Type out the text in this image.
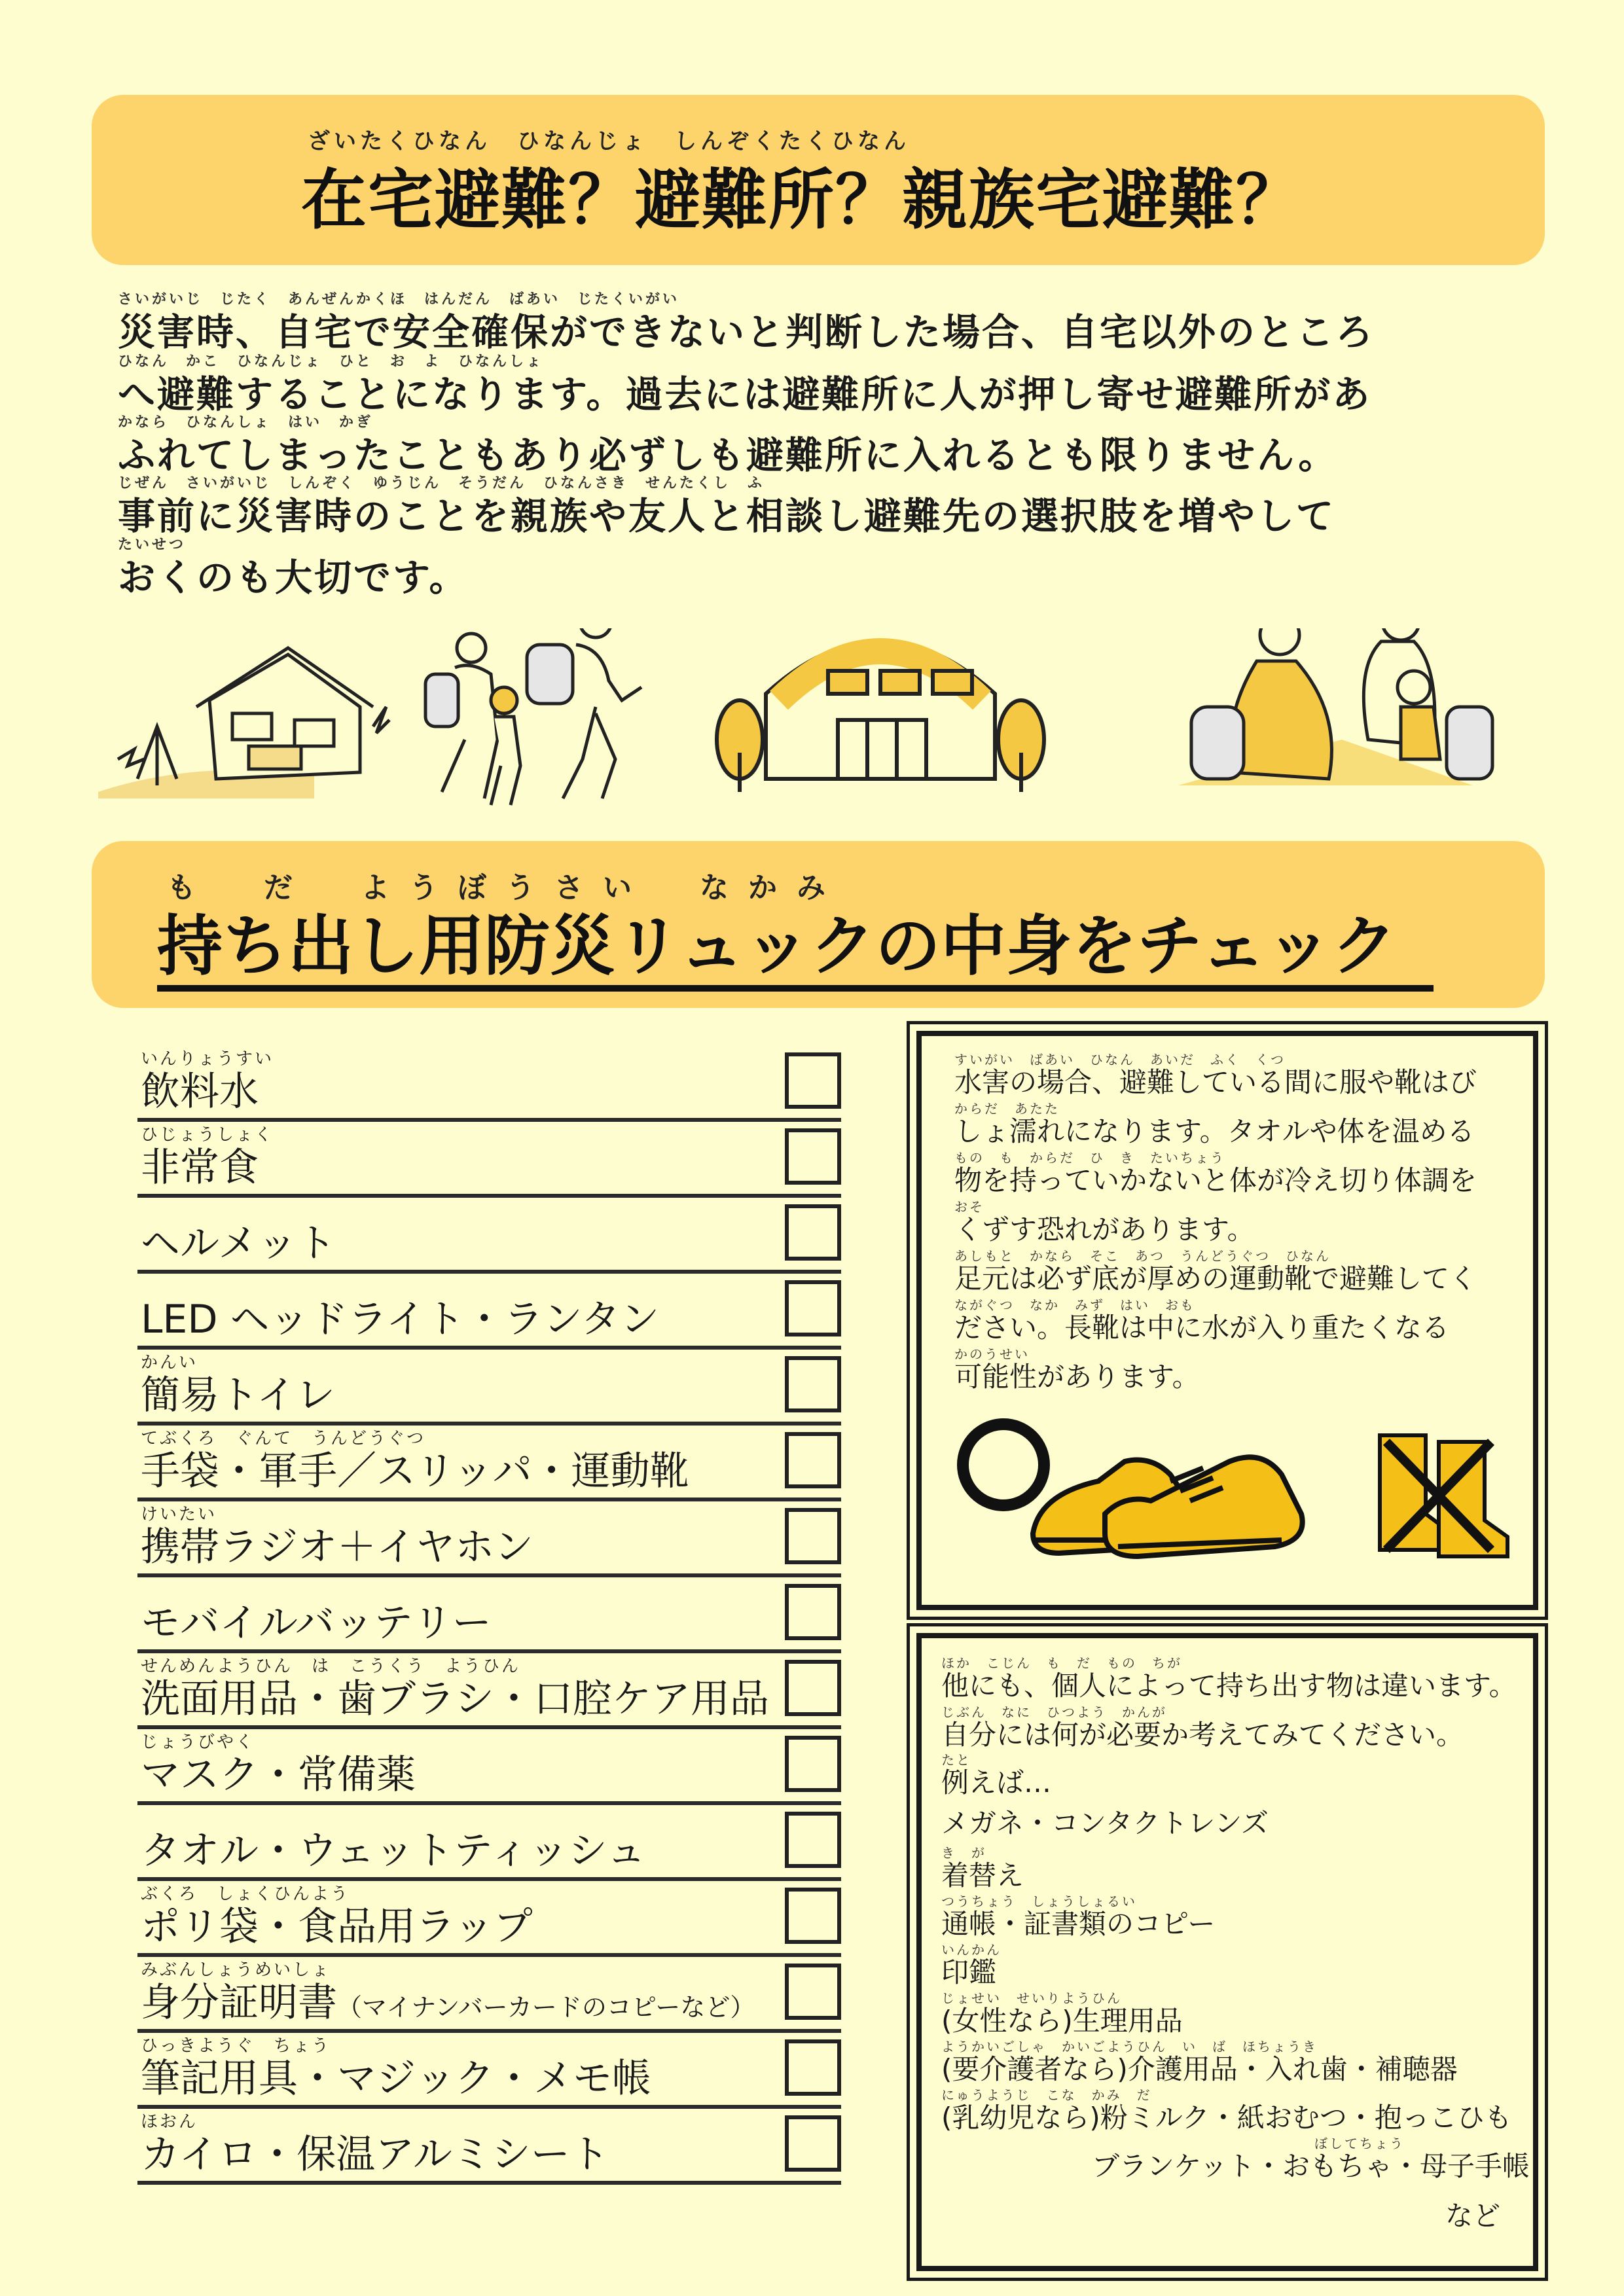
ざいたくひなん　ひなんじょ　しんぞくたくひなん
在宅避難？避難所？親族宅避難？
さいがいじ　じたく　あんぜんかくほ　はんだん　ばあい　じたくいがい
災害時、自宅で安全確保ができないと判断した場合、自宅以外のところ
ひなん　かこ　ひなんじょ　ひと　お　よ　ひなんしょ
へ避難することになります。過去には避難所に人が押し寄せ避難所があ
かなら　ひなんしょ　はい　かぎ
ふれてしまったこともあり必ずしも避難所に入れるとも限りません。
じぜん　さいがいじ　しんぞく　ゆうじん　そうだん　ひなんさき　せんたくし　ふ
事前に災害時のことを親族や友人と相談し避難先の選択肢を増やして
たいせつ
おくのも大切です。
も　だ　ようぼうさい　なかみ
持ち出し用防災リュックの中身をチェック
いんりょうすい
飲料水
ひじょうしょく
非常食
ヘルメット
LED ヘッドライト・ランタン
かんい
簡易トイレ
てぶくろ　ぐんて　うんどうぐつ
手袋・軍手／スリッパ・運動靴
けいたい
携帯ラジオ＋イヤホン
モバイルバッテリー
せんめんようひん　は　こうくう　ようひん
洗面用品・歯ブラシ・口腔ケア用品
じょうびやく
マスク・常備薬
タオル・ウェットティッシュ
ぶくろ　しょくひんよう
ポリ袋・食品用ラップ
みぶんしょうめいしょ
身分証明書（マイナンバーカードのコピーなど）
ひっきようぐ　ちょう
筆記用具・マジック・メモ帳
ほおん
カイロ・保温アルミシート
すいがい　ばあい　ひなん　あいだ　ふく　くつ
水害の場合、避難している間に服や靴はび
からだ　あたた
しょ濡れになります。タオルや体を温める
もの　も　からだ　ひ　き　たいちょう
物を持っていかないと体が冷え切り体調を
おそ
くずす恐れがあります。
あしもと　かなら　そこ　あつ　うんどうぐつ　ひなん
足元は必ず底が厚めの運動靴で避難してく
ながぐつ　なか　みず　はい　おも
ださい。長靴は中に水が入り重たくなる
かのうせい
可能性があります。
ほか　こじん　も　だ　もの　ちが
他にも、個人によって持ち出す物は違います。
じぶん　なに　ひつよう　かんが
自分には何が必要か考えてみてください。
たと
例えば…
メガネ・コンタクトレンズ
き　が
着替え
つうちょう　しょうしょるい
通帳・証書類のコピー
いんかん
印鑑
じょせい　せいりようひん
(女性なら)生理用品
ようかいごしゃ　かいごようひん　い　ば　ほちょうき
(要介護者なら)介護用品・入れ歯・補聴器
にゅうようじ　こな　かみ　だ
(乳幼児なら)粉ミルク・紙おむつ・抱っこひも
ぼしてちょう
ブランケット・おもちゃ・母子手帳
など
